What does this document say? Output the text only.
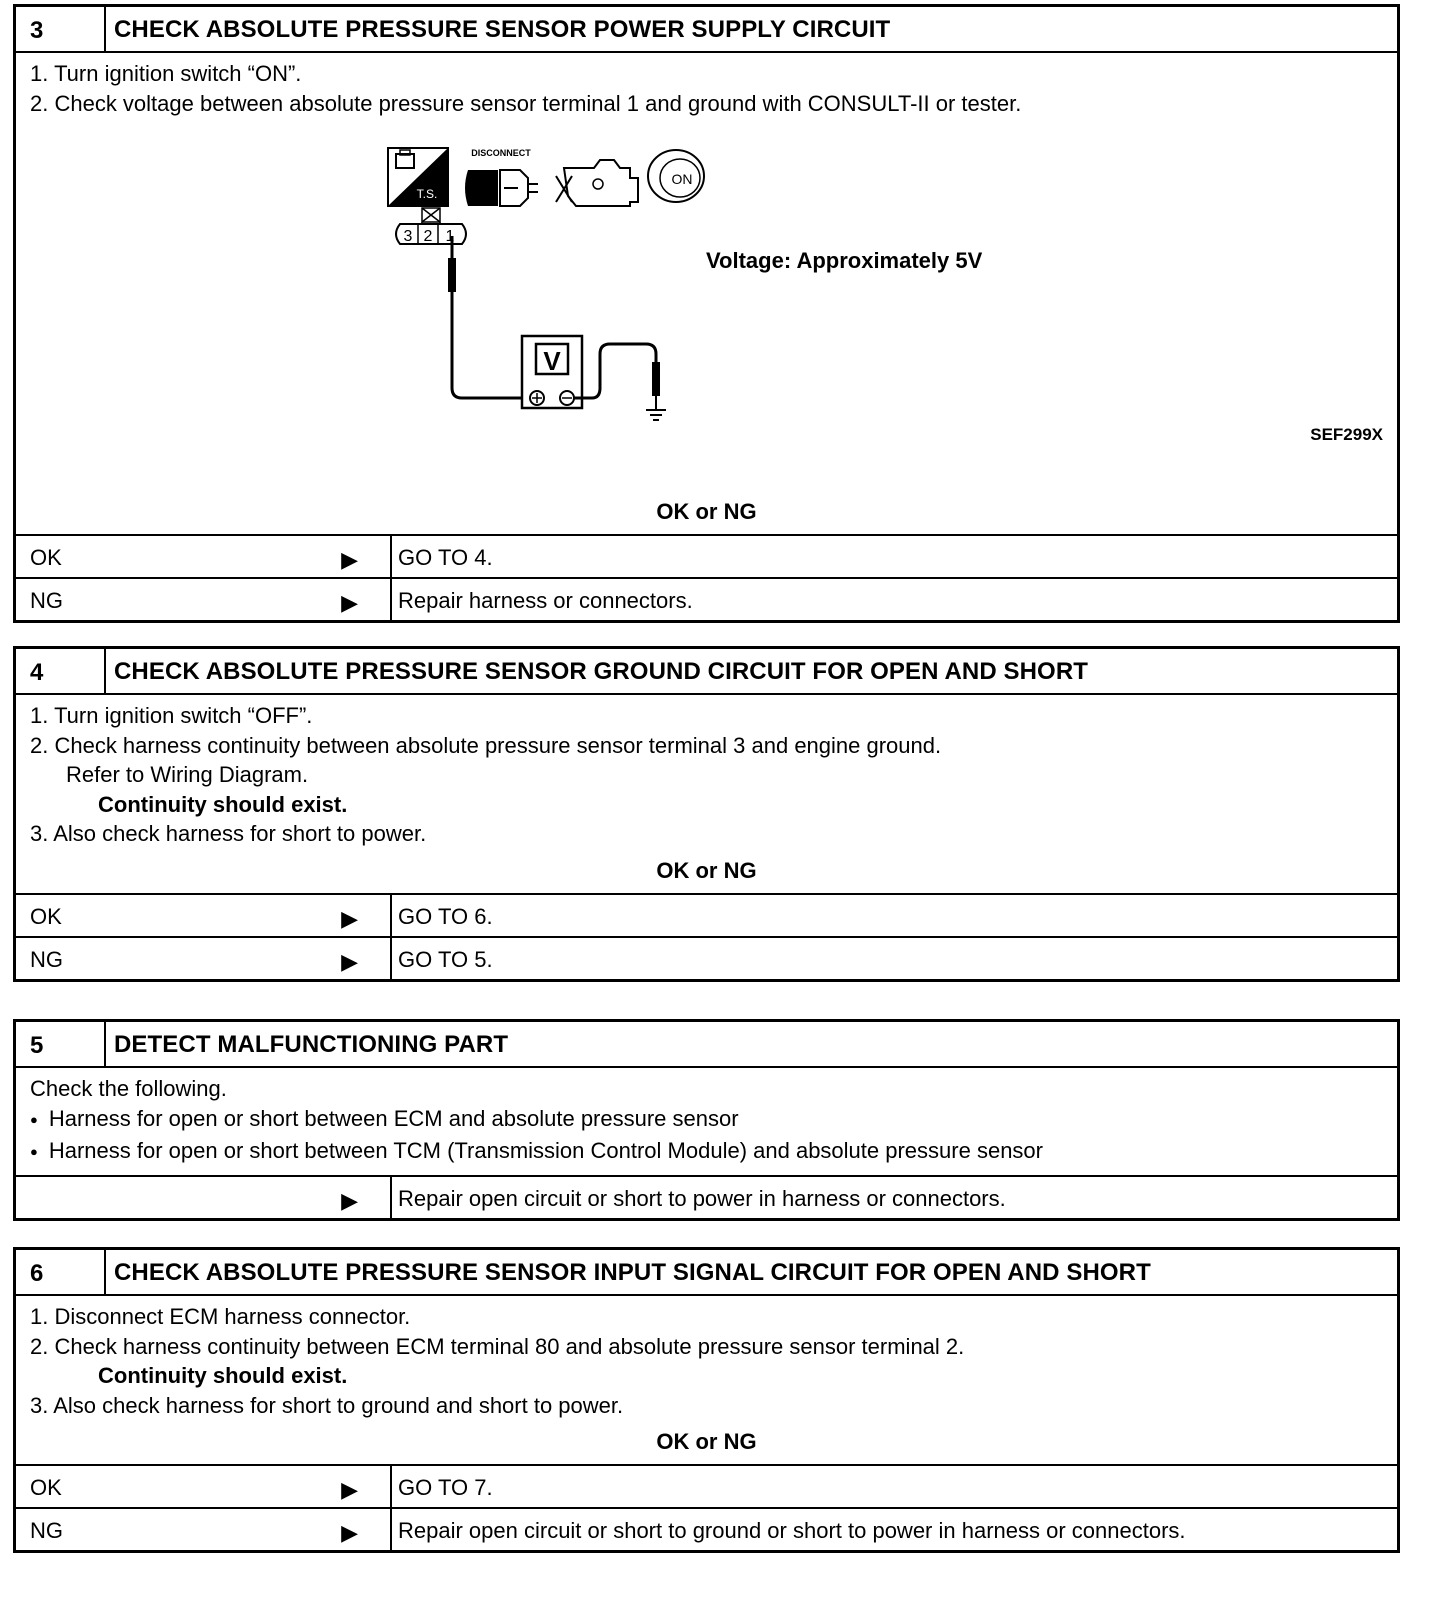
3	CHECK ABSOLUTE PRESSURE SENSOR POWER SUPPLY CIRCUIT
1. Turn ignition switch “ON”.
2. Check voltage between absolute pressure sensor terminal 1 and ground with CONSULT-II or tester.
T.S.
DISCONNECT
ON
3 2 1
V
Voltage: Approximately 5V
SEF299X
OK or NG
OK	▶ GO TO 4.
NG	▶ Repair harness or connectors.
4	CHECK ABSOLUTE PRESSURE SENSOR GROUND CIRCUIT FOR OPEN AND SHORT
1. Turn ignition switch “OFF”.
2. Check harness continuity between absolute pressure sensor terminal 3 and engine ground.
Refer to Wiring Diagram.
Continuity should exist.
3. Also check harness for short to power.
OK or NG
OK	▶ GO TO 6.
NG	▶ GO TO 5.
5	DETECT MALFUNCTIONING PART
Check the following.
● Harness for open or short between ECM and absolute pressure sensor
● Harness for open or short between TCM (Transmission Control Module) and absolute pressure sensor
▶ Repair open circuit or short to power in harness or connectors.
6	CHECK ABSOLUTE PRESSURE SENSOR INPUT SIGNAL CIRCUIT FOR OPEN AND SHORT
1. Disconnect ECM harness connector.
2. Check harness continuity between ECM terminal 80 and absolute pressure sensor terminal 2.
Continuity should exist.
3. Also check harness for short to ground and short to power.
OK or NG
OK	▶ GO TO 7.
NG	▶ Repair open circuit or short to ground or short to power in harness or connectors.
